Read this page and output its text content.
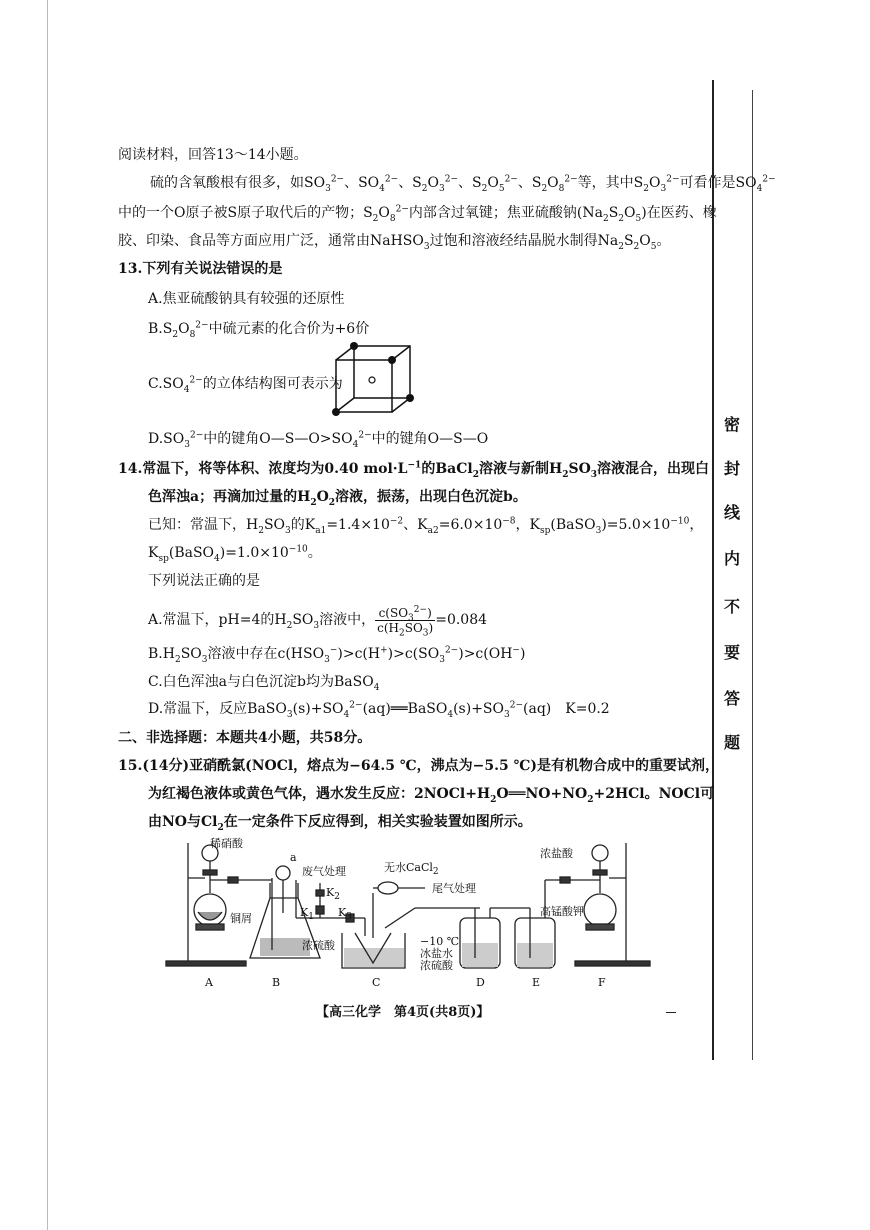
密
封
线
内
不
要
答
题
阅读材料，回答13～14小题。
硫的含氧酸根有很多，如$SO_3^{2-}$、$SO_4^{2-}$、$S_2O_3^{2-}$、$S_2O_5^{2-}$、$S_2O_8^{2-}$等，其中$S_2O_3^{2-}$可看作是$SO_4^{2-}$
中的一个O原子被S原子取代后的产物；$S_2O_8^{2-}$内部含过氧键；焦亚硫酸钠$(Na_2S_2O_5)$在医药、橡
胶、印染、食品等方面应用广泛，通常由NaHSO$_3$过饱和溶液经结晶脱水制得$Na_2S_2O_5$。
13.下列有关说法错误的是
A.焦亚硫酸钠具有较强的还原性
$B.S_2O_8^{2-}$中硫元素的化合价为+6价
$C.SO_4^{2-}$的立体结构图可表示为
$D.SO_3^{2-}$中的键角$O—S—O>SO_4^{2-}$中的键角O—S—O
14.常温下，将等体积、浓度均为0.40 $mol\cdot L^{-1}$的BaCl$_2$溶液与新制$H_2SO_3$溶液混合，出现白
色浑浊a；再滴加过量的$H_2O_2$溶液，振荡，出现白色沉淀b。
已知：常温下，$H_2SO_3$的$K_{a1}=1.4\times 10^{-2}$、$K_{a2}=6.0\times 10^{-8}$，$K_{sp}(BaSO_3)=5.0\times 10^{-10}$，
$K_{sp}(BaSO_4)=1.0\times 10^{-10}$。
下列说法正确的是
A.常温下，pH=4的$H_2SO_3$溶液中， $\frac{c(SO_3^{2-})}{c(H_2SO_3)} =0.084$
$B.H_2SO_3$溶液中存在$c(HSO_3^-)>c(H^+)>c(SO_3^{2-})>c(OH^-)$
C.白色浑浊a与白色沉淀b均为BaSO$_4$
D.常温下，反应$BaSO_3(s)+SO_4^{2-}(aq)══BaSO_4(s)+SO_3^{2-}(aq)$　K=0.2
二、非选择题：本题共4小题，共58分。
15.(14分)亚硝酰氯(NOCl，熔点为−64.5 ℃，沸点为−5.5 ℃)是有机物合成中的重要试剂，
为红褐色液体或黄色气体，遇水发生反应：$2NOCl+H_2O══NO+NO_2+2HCl$。NOCl可
由NO与$Cl_2$在一定条件下反应得到，相关实验装置如图所示。
稀硝酸
a
废气处理
$K_2$
$K_1$ $K_3$
铜屑
浓硫酸
无水CaCl$_2$
尾气处理
−10 ℃
冰盐水
浓硫酸
浓盐酸
高锰酸钾
A	B	C	D	E	F
【高三化学　第4页(共8页)】
